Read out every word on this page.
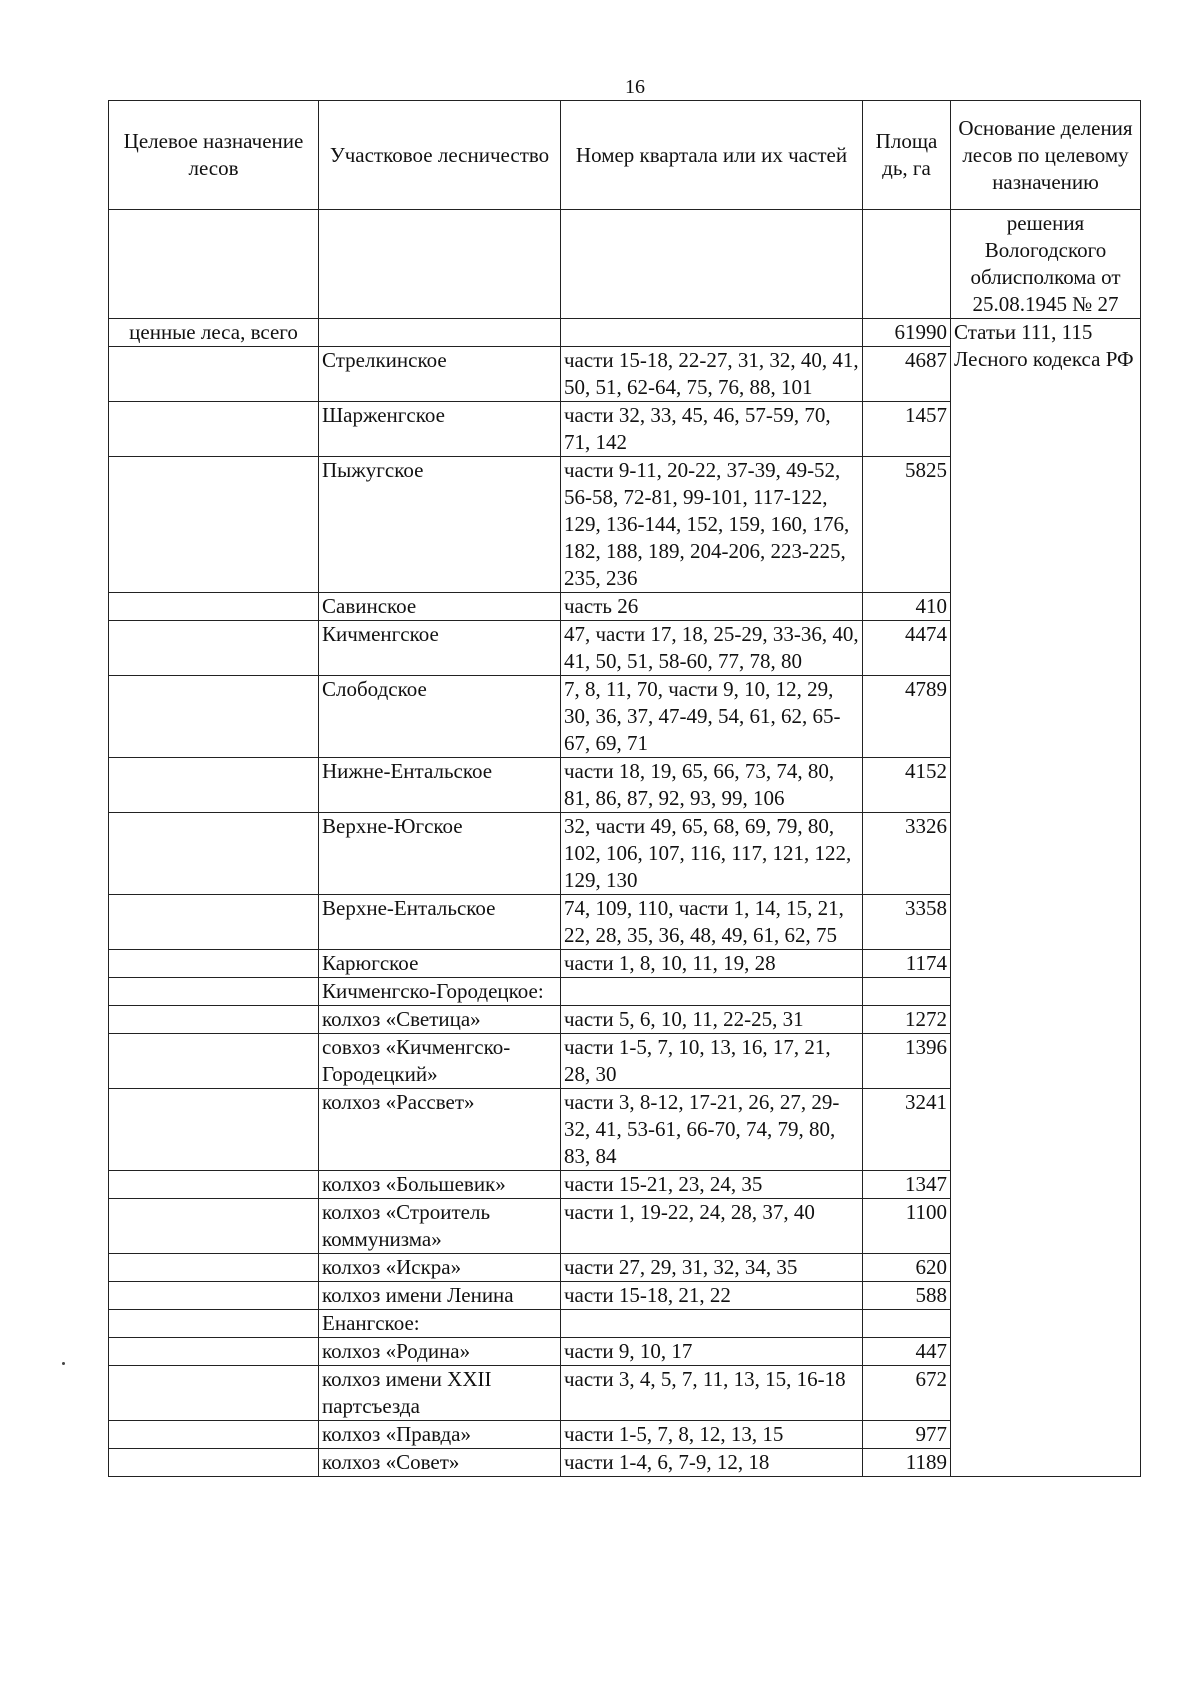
16
Целевое назначение лесов	Участковое лесничество	Номер квартала или их частей	Площа дь, га	Основание деления лесов по целевому назначению
				решения Вологодского облисполкома от 25.08.1945 № 27
ценные леса, всего			61990	Статьи 111, 115 Лесного кодекса РФ
	Стрелкинское	части 15-18, 22-27, 31, 32, 40, 41, 50, 51, 62-64, 75, 76, 88, 101	4687	
	Шарженгское	части 32, 33, 45, 46, 57-59, 70, 71, 142	1457	
	Пыжугское	части 9-11, 20-22, 37-39, 49-52, 56-58, 72-81, 99-101, 117-122, 129, 136-144, 152, 159, 160, 176, 182, 188, 189, 204-206, 223-225, 235, 236	5825	
	Савинское	часть 26	410	
	Кичменгское	47, части 17, 18, 25-29, 33-36, 40, 41, 50, 51, 58-60, 77, 78, 80	4474	
	Слободское	7, 8, 11, 70, части 9, 10, 12, 29, 30, 36, 37, 47-49, 54, 61, 62, 65-67, 69, 71	4789	
	Нижне-Ентальское	части 18, 19, 65, 66, 73, 74, 80, 81, 86, 87, 92, 93, 99, 106	4152	
	Верхне-Югское	32, части 49, 65, 68, 69, 79, 80, 102, 106, 107, 116, 117, 121, 122, 129, 130	3326	
	Верхне-Ентальское	74, 109, 110, части 1, 14, 15, 21, 22, 28, 35, 36, 48, 49, 61, 62, 75	3358	
	Карюгское	части 1, 8, 10, 11, 19, 28	1174	
	Кичменгско-Городецкое:			
	колхоз «Светица»	части 5, 6, 10, 11, 22-25, 31	1272	
	совхоз «Кичменгско-Городецкий»	части 1-5, 7, 10, 13, 16, 17, 21, 28, 30	1396	
	колхоз «Рассвет»	части 3, 8-12, 17-21, 26, 27, 29-32, 41, 53-61, 66-70, 74, 79, 80, 83, 84	3241	
	колхоз «Большевик»	части 15-21, 23, 24, 35	1347	
	колхоз «Строитель коммунизма»	части 1, 19-22, 24, 28, 37, 40	1100	
	колхоз «Искра»	части 27, 29, 31, 32, 34, 35	620	
	колхоз имени Ленина	части 15-18, 21, 22	588	
	Енангское:			
	колхоз «Родина»	части 9, 10, 17	447	
	колхоз имени XXII партсъезда	части 3, 4, 5, 7, 11, 13, 15, 16-18	672	
	колхоз «Правда»	части 1-5, 7, 8, 12, 13, 15	977	
	колхоз «Совет»	части 1-4, 6, 7-9, 12, 18	1189	
